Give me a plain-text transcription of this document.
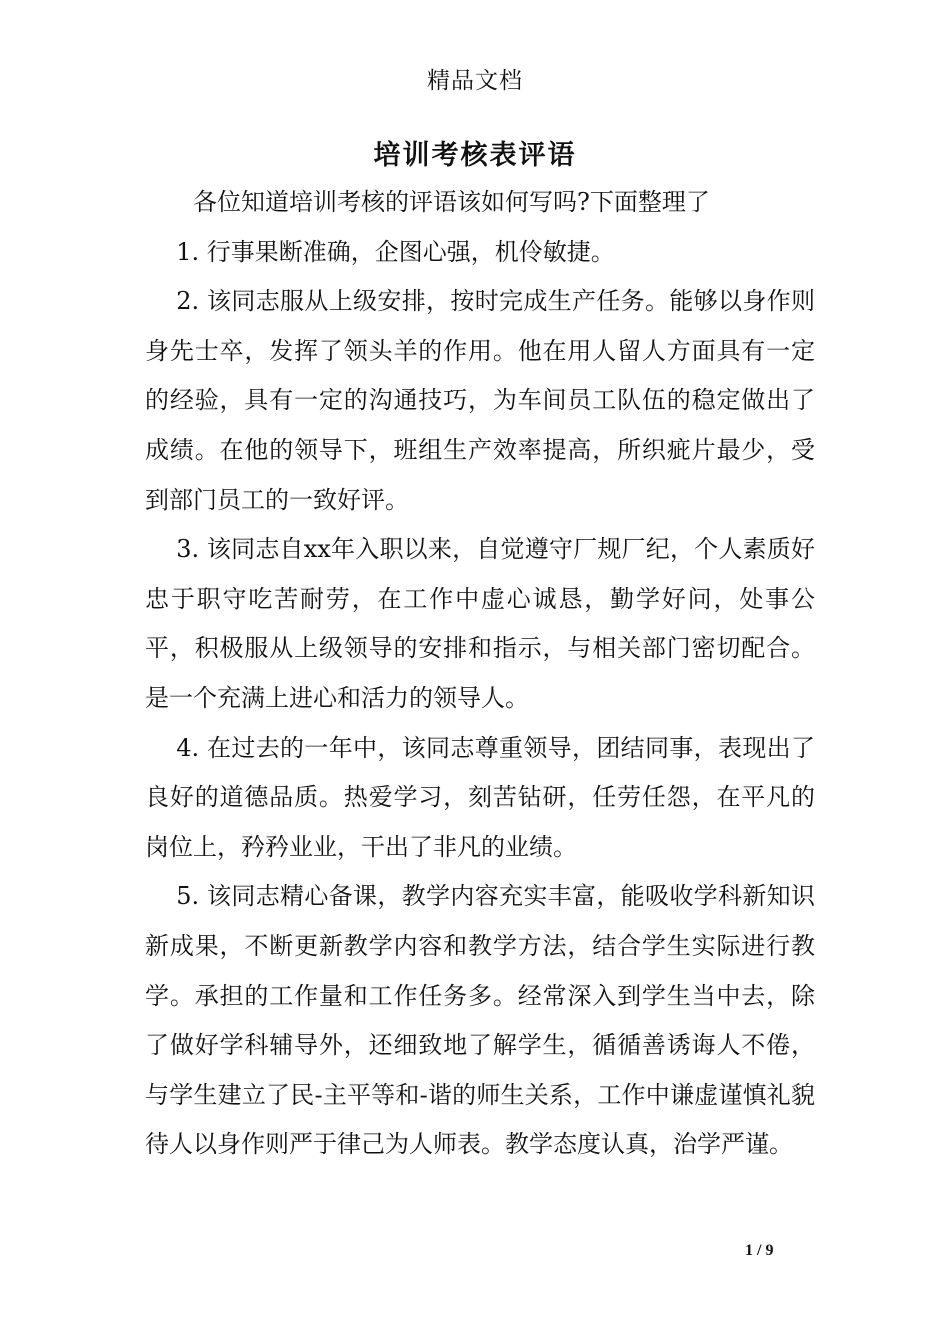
精品文档
培训考核表评语

各位知道培训考核的评语该如何写吗?下面整理了

1. 行事果断准确，企图心强，机伶敏捷。

2. 该同志服从上级安排，按时完成生产任务。能够以身作则身先士卒，发挥了领头羊的作用。他在用人留人方面具有一定的经验，具有一定的沟通技巧，为车间员工队伍的稳定做出了成绩。在他的领导下，班组生产效率提高，所织疵片最少，受到部门员工的一致好评。

3. 该同志自xx年入职以来，自觉遵守厂规厂纪，个人素质好忠于职守吃苦耐劳，在工作中虚心诚恳，勤学好问，处事公平，积极服从上级领导的安排和指示，与相关部门密切配合。是一个充满上进心和活力的领导人。

4. 在过去的一年中，该同志尊重领导，团结同事，表现出了良好的道德品质。热爱学习，刻苦钻研，任劳任怨，在平凡的岗位上，矜矜业业，干出了非凡的业绩。

5. 该同志精心备课，教学内容充实丰富，能吸收学科新知识新成果，不断更新教学内容和教学方法，结合学生实际进行教学。承担的工作量和工作任务多。经常深入到学生当中去，除了做好学科辅导外，还细致地了解学生，循循善诱诲人不倦，与学生建立了民-主平等和-谐的师生关系，工作中谦虚谨慎礼貌待人以身作则严于律己为人师表。教学态度认真，治学严谨。

1 / 9
